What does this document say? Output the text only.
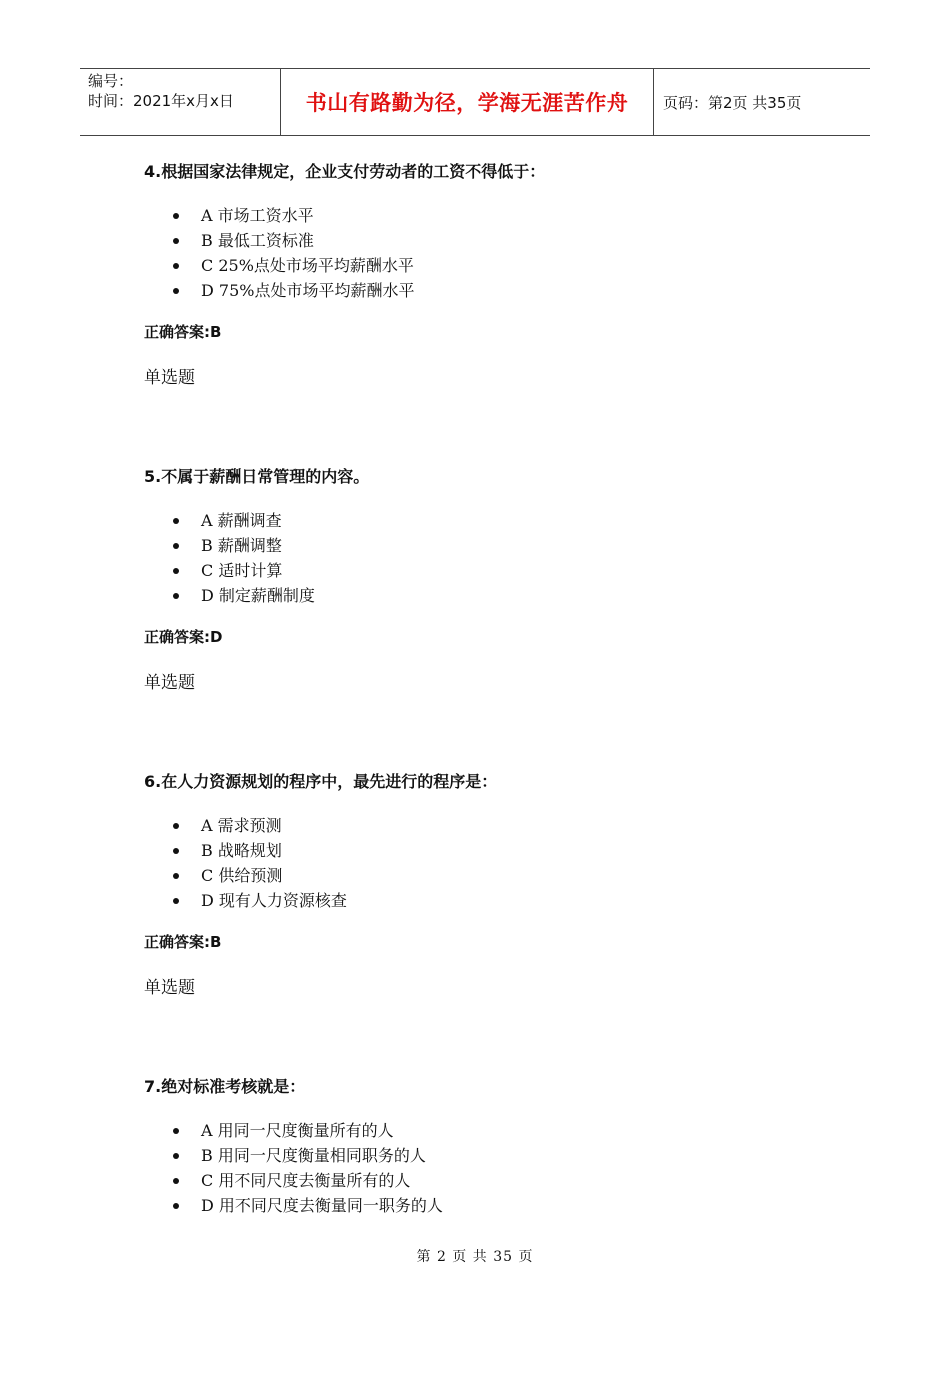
编号：
时间：2021年x月x日	书山有路勤为径，学海无涯苦作舟	页码：第2页 共35页
4.根据国家法律规定，企业支付劳动者的工资不得低于：
A 市场工资水平
B 最低工资标准
C 25%点处市场平均薪酬水平
D 75%点处市场平均薪酬水平
正确答案:B
单选题
5.不属于薪酬日常管理的内容。
A 薪酬调查
B 薪酬调整
C 适时计算
D 制定薪酬制度
正确答案:D
单选题
6.在人力资源规划的程序中，最先进行的程序是：
A 需求预测
B 战略规划
C 供给预测
D 现有人力资源核查
正确答案:B
单选题
7.绝对标准考核就是：
A 用同一尺度衡量所有的人
B 用同一尺度衡量相同职务的人
C 用不同尺度去衡量所有的人
D 用不同尺度去衡量同一职务的人
第 2 页 共 35 页
